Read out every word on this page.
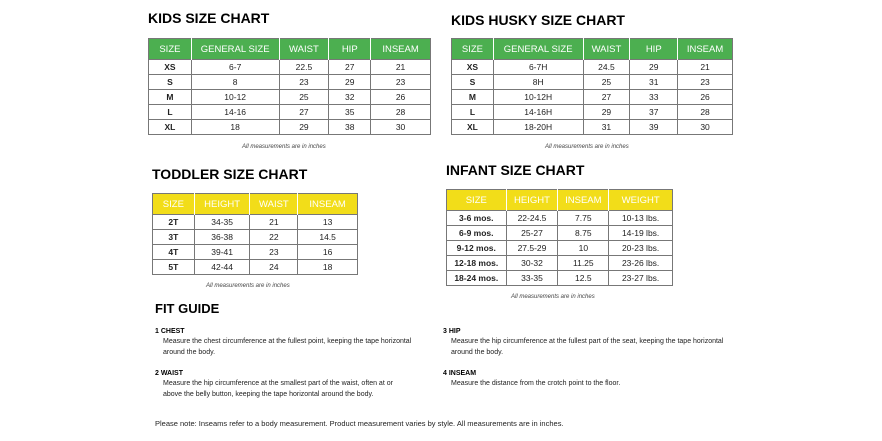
KIDS SIZE CHART
SIZE	GENERAL SIZE	WAIST	HIP	INSEAM
XS	6-7	22.5	27	21
S	8	23	29	23
M	10-12	25	32	26
L	14-16	27	35	28
XL	18	29	38	30
All measurements are in inches
KIDS HUSKY SIZE CHART
SIZE	GENERAL SIZE	WAIST	HIP	INSEAM
XS	6-7H	24.5	29	21
S	8H	25	31	23
M	10-12H	27	33	26
L	14-16H	29	37	28
XL	18-20H	31	39	30
All measurements are in inches
TODDLER SIZE CHART
SIZE	HEIGHT	WAIST	INSEAM
2T	34-35	21	13
3T	36-38	22	14.5
4T	39-41	23	16
5T	42-44	24	18
All measurements are in inches
INFANT SIZE CHART
SIZE	HEIGHT	INSEAM	WEIGHT
3-6 mos.	22-24.5	7.75	10-13 lbs.
6-9 mos.	25-27	8.75	14-19 lbs.
9-12 mos.	27.5-29	10	20-23 lbs.
12-18 mos.	30-32	11.25	23-26 lbs.
18-24 mos.	33-35	12.5	23-27 lbs.
All measurements are in inches
FIT GUIDE
1 CHEST
Measure the chest circumference at the fullest point, keeping the tape horizontal around the body.
2 WAIST
Measure the hip circumference at the smallest part of the waist, often at or above the belly button, keeping the tape horizontal around the body.
3 HIP
Measure the hip circumference at the fullest part of the seat, keeping the tape horizontal around the body.
4 INSEAM
Measure the distance from the crotch point to the floor.
Please note: Inseams refer to a body measurement. Product measurement varies by style. All measurements are in inches.
